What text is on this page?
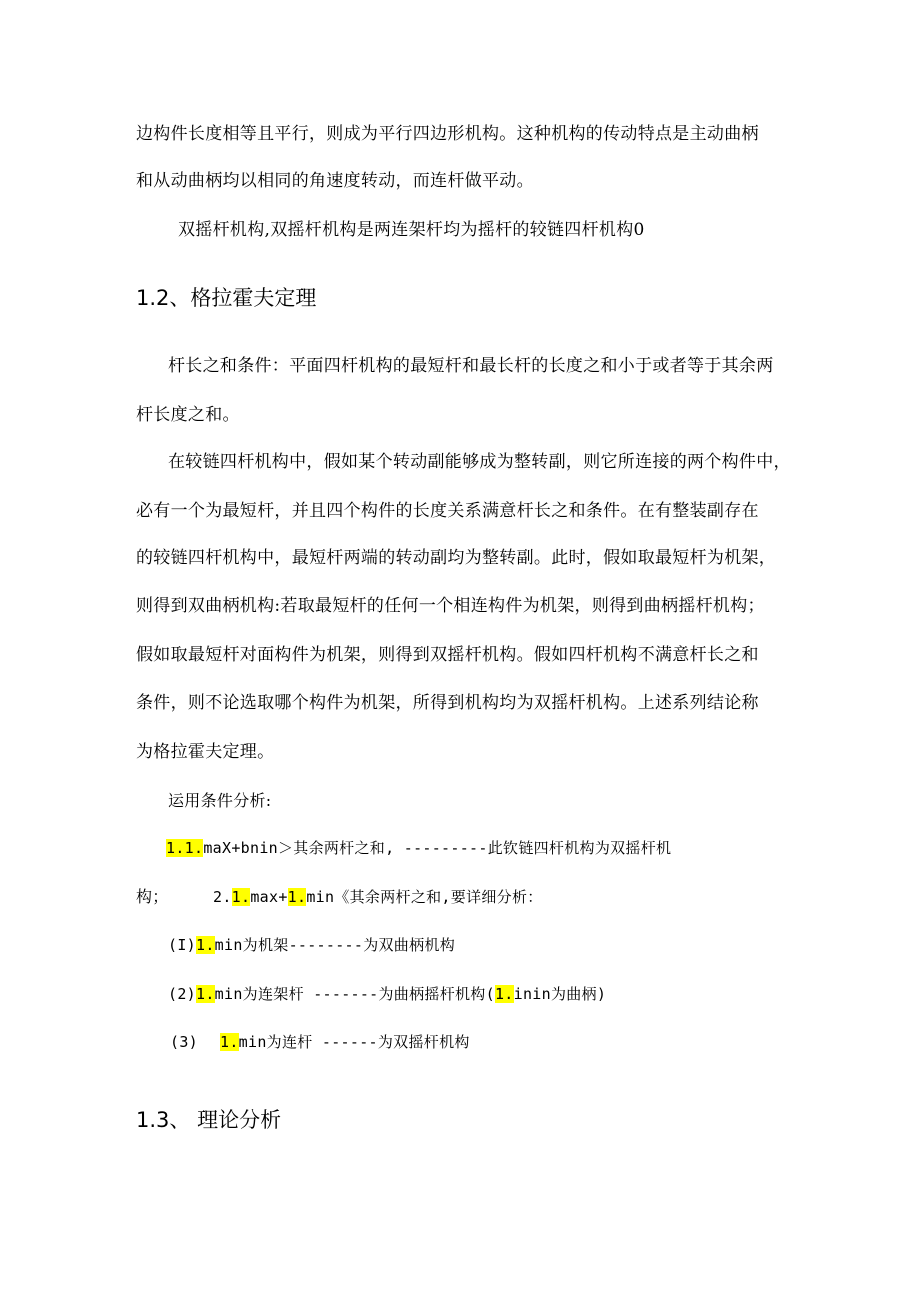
边构件长度相等且平行，则成为平行四边形机构。这种机构的传动特点是主动曲柄
和从动曲柄均以相同的角速度转动，而连杆做平动。
双摇杆机构,双摇杆机构是两连架杆均为摇杆的较链四杆机构0
1.2、格拉霍夫定理
杆长之和条件：平面四杆机构的最短杆和最长杆的长度之和小于或者等于其余两
杆长度之和。
在较链四杆机构中，假如某个转动副能够成为整转副，则它所连接的两个构件中，
必有一个为最短杆，并且四个构件的长度关系满意杆长之和条件。在有整装副存在
的较链四杆机构中，最短杆两端的转动副均为整转副。此时，假如取最短杆为机架，
则得到双曲柄机构:若取最短杆的任何一个相连构件为机架，则得到曲柄摇杆机构；
假如取最短杆对面构件为机架，则得到双摇杆机构。假如四杆机构不满意杆长之和
条件，则不论选取哪个构件为机架，所得到机构均为双摇杆机构。上述系列结论称
为格拉霍夫定理。
运用条件分析:
1.1.maX+bnin＞其余两杆之和, ---------此钦链四杆机构为双摇杆机
构；	2.1.max+1.min《其余两杆之和,要详细分析：
(I)1.min为机架--------为双曲柄机构
(2)1.min为连架杆 -------为曲柄摇杆机构(1.inin为曲柄)
(3) 1.min为连杆 ------为双摇杆机构
1.3、 理论分析
